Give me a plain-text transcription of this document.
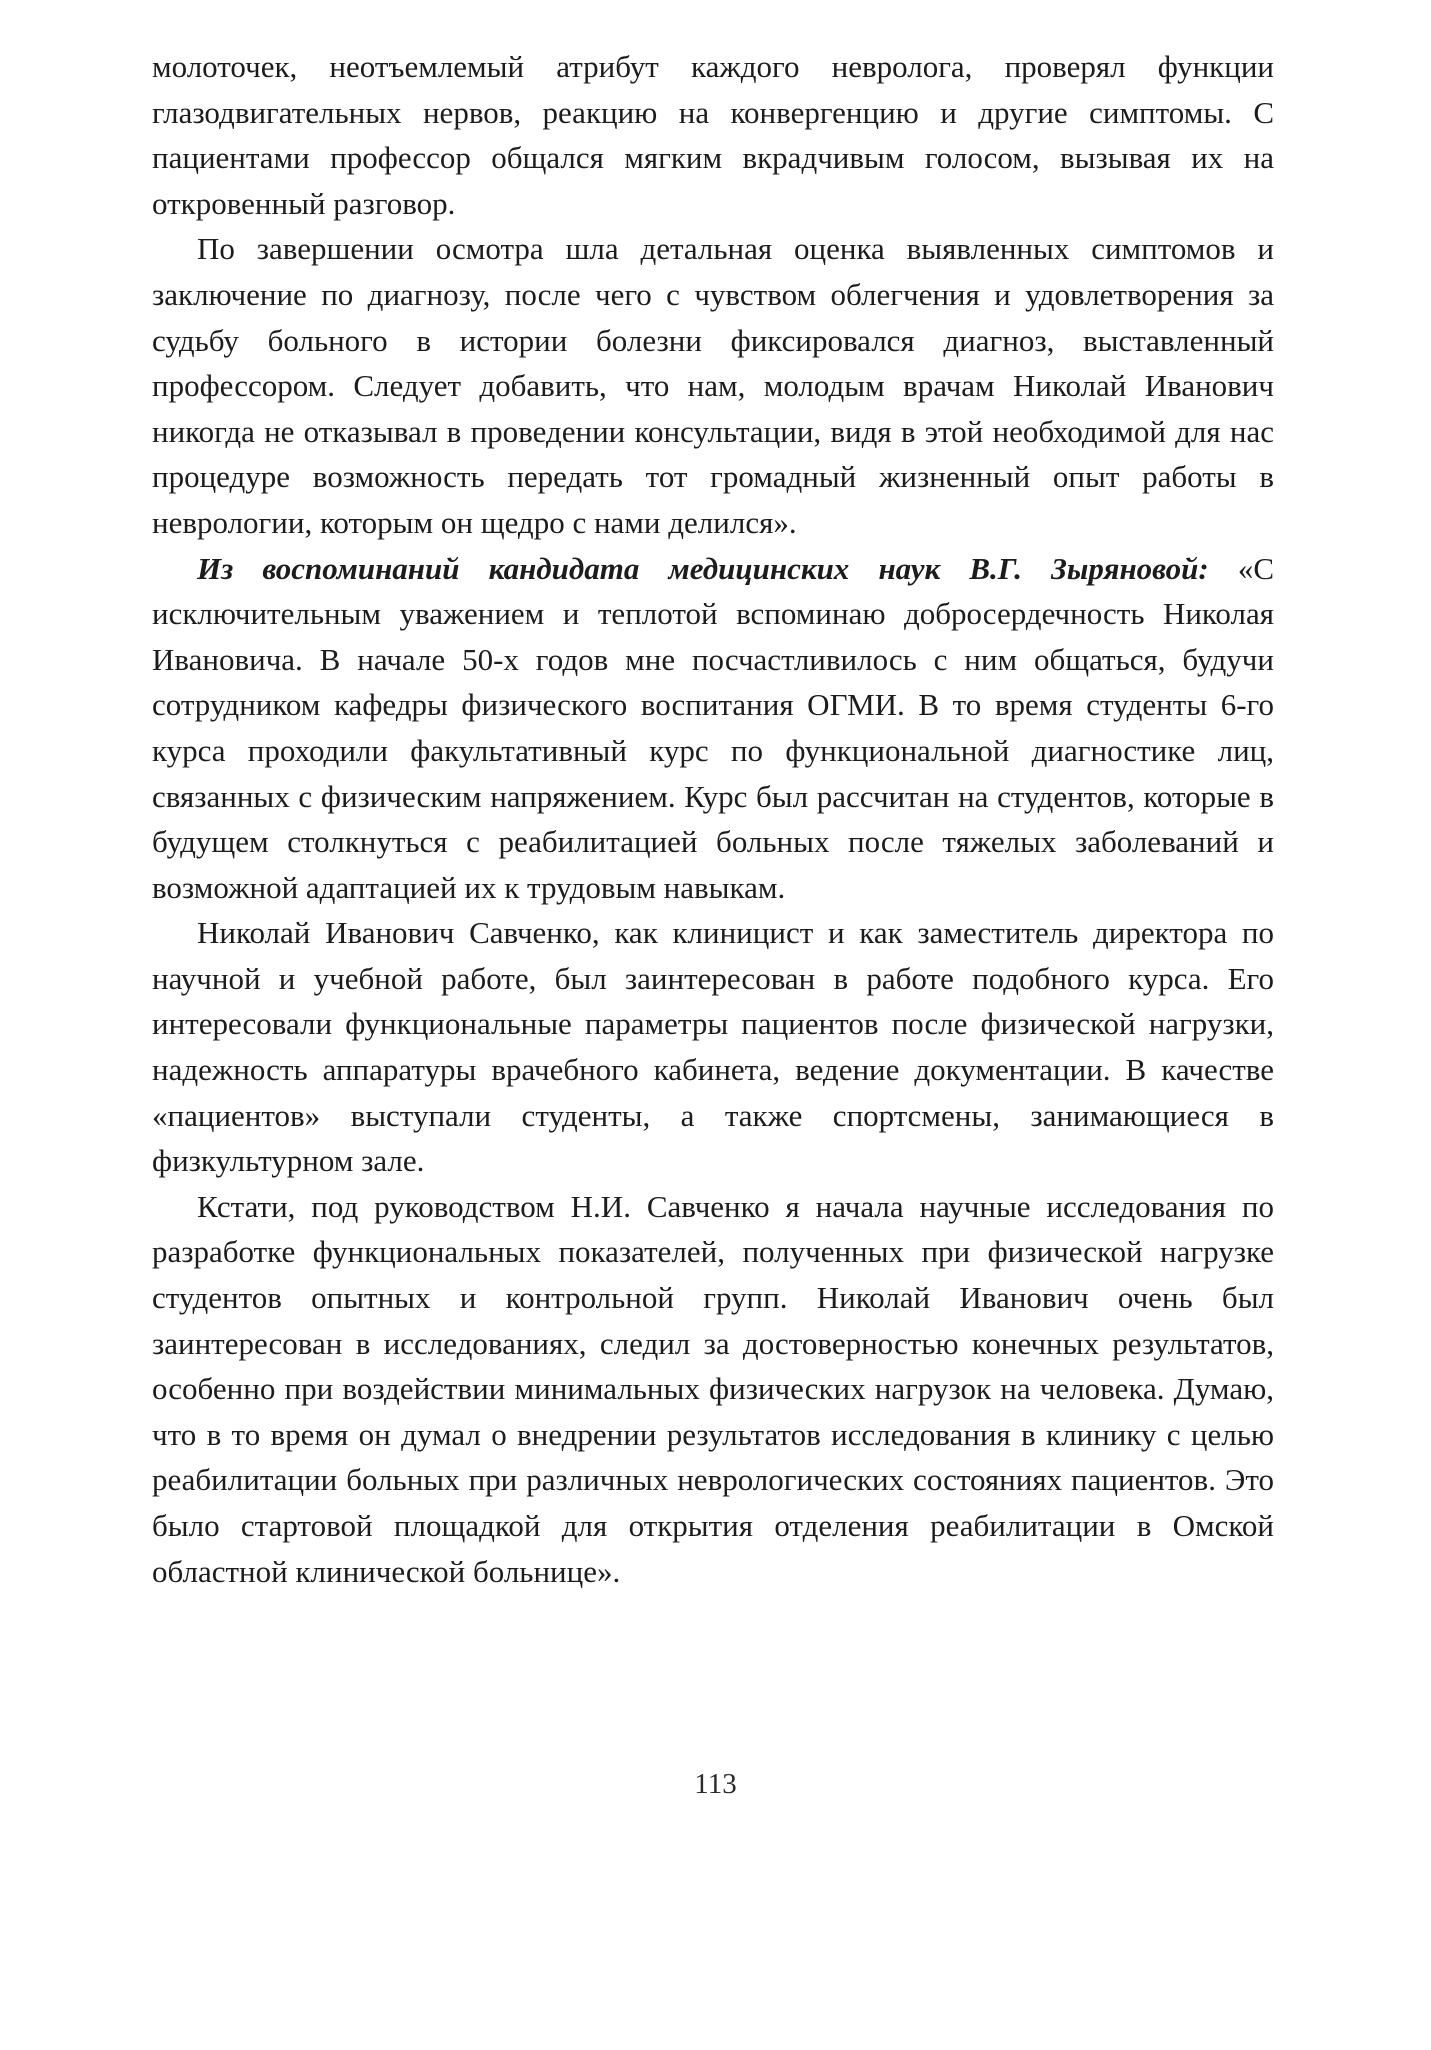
молоточек, неотъемлемый атрибут каждого невролога, проверял функции глазодвигательных нервов, реакцию на конвергенцию и другие симптомы. С пациентами профессор общался мягким вкрадчивым голосом, вызывая их на откровенный разговор.

По завершении осмотра шла детальная оценка выявленных симптомов и заключение по диагнозу, после чего с чувством облегчения и удовлетворения за судьбу больного в истории болезни фиксировался диагноз, выставленный профессором. Следует добавить, что нам, молодым врачам Николай Иванович никогда не отказывал в проведении консультации, видя в этой необходимой для нас процедуре возможность передать тот громадный жизненный опыт работы в неврологии, которым он щедро с нами делился».

Из воспоминаний кандидата медицинских наук В.Г. Зыряновой: «С исключительным уважением и теплотой вспоминаю добросердечность Николая Ивановича. В начале 50-х годов мне посчастливилось с ним общаться, будучи сотрудником кафедры физического воспитания ОГМИ. В то время студенты 6-го курса проходили факультативный курс по функциональной диагностике лиц, связанных с физическим напряжением. Курс был рассчитан на студентов, которые в будущем столкнуться с реабилитацией больных после тяжелых заболеваний и возможной адаптацией их к трудовым навыкам.

Николай Иванович Савченко, как клиницист и как заместитель директора по научной и учебной работе, был заинтересован в работе подобного курса. Его интересовали функциональные параметры пациентов после физической нагрузки, надежность аппаратуры врачебного кабинета, ведение документации. В качестве «пациентов» выступали студенты, а также спортсмены, занимающиеся в физкультурном зале.

Кстати, под руководством Н.И. Савченко я начала научные исследования по разработке функциональных показателей, полученных при физической нагрузке студентов опытных и контрольной групп. Николай Иванович очень был заинтересован в исследованиях, следил за достоверностью конечных результатов, особенно при воздействии минимальных физических нагрузок на человека. Думаю, что в то время он думал о внедрении результатов исследования в клинику с целью реабилитации больных при различных неврологических состояниях пациентов. Это было стартовой площадкой для открытия отделения реабилитации в Омской областной клинической больнице».

113
